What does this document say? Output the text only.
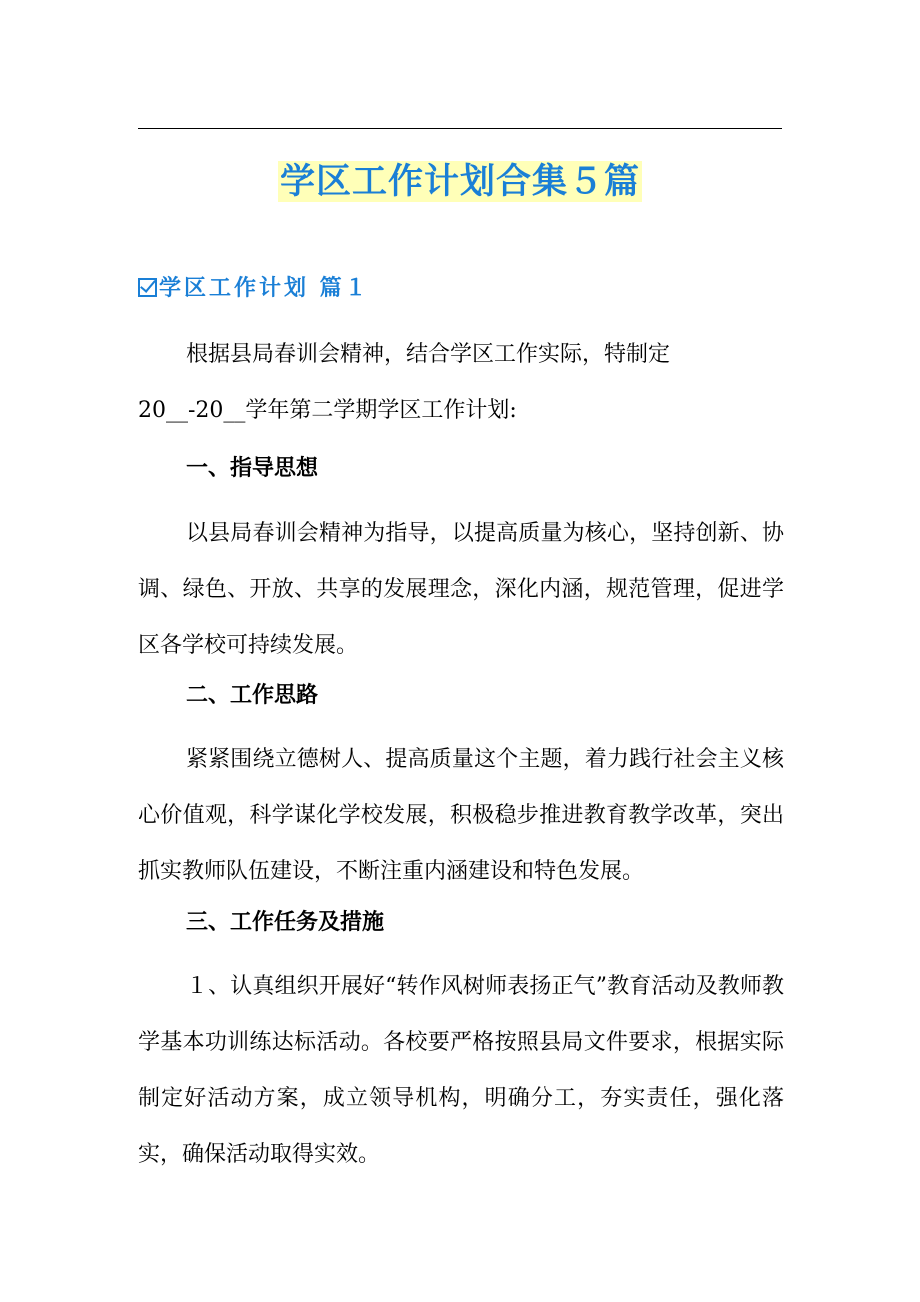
学区工作计划合集５篇
学区工作计划 篇１
根据县局春训会精神，结合学区工作实际，特制定
20__-20__学年第二学期学区工作计划:
一、指导思想
以县局春训会精神为指导，以提高质量为核心，坚持创新、协调、绿色、开放、共享的发展理念，深化内涵，规范管理，促进学区各学校可持续发展。
二、工作思路
紧紧围绕立德树人、提高质量这个主题，着力践行社会主义核心价值观，科学谋化学校发展，积极稳步推进教育教学改革，突出抓实教师队伍建设，不断注重内涵建设和特色发展。
三、工作任务及措施
１、认真组织开展好“转作风树师表扬正气”教育活动及教师教学基本功训练达标活动。各校要严格按照县局文件要求，根据实际制定好活动方案，成立领导机构，明确分工，夯实责任，强化落实，确保活动取得实效。
